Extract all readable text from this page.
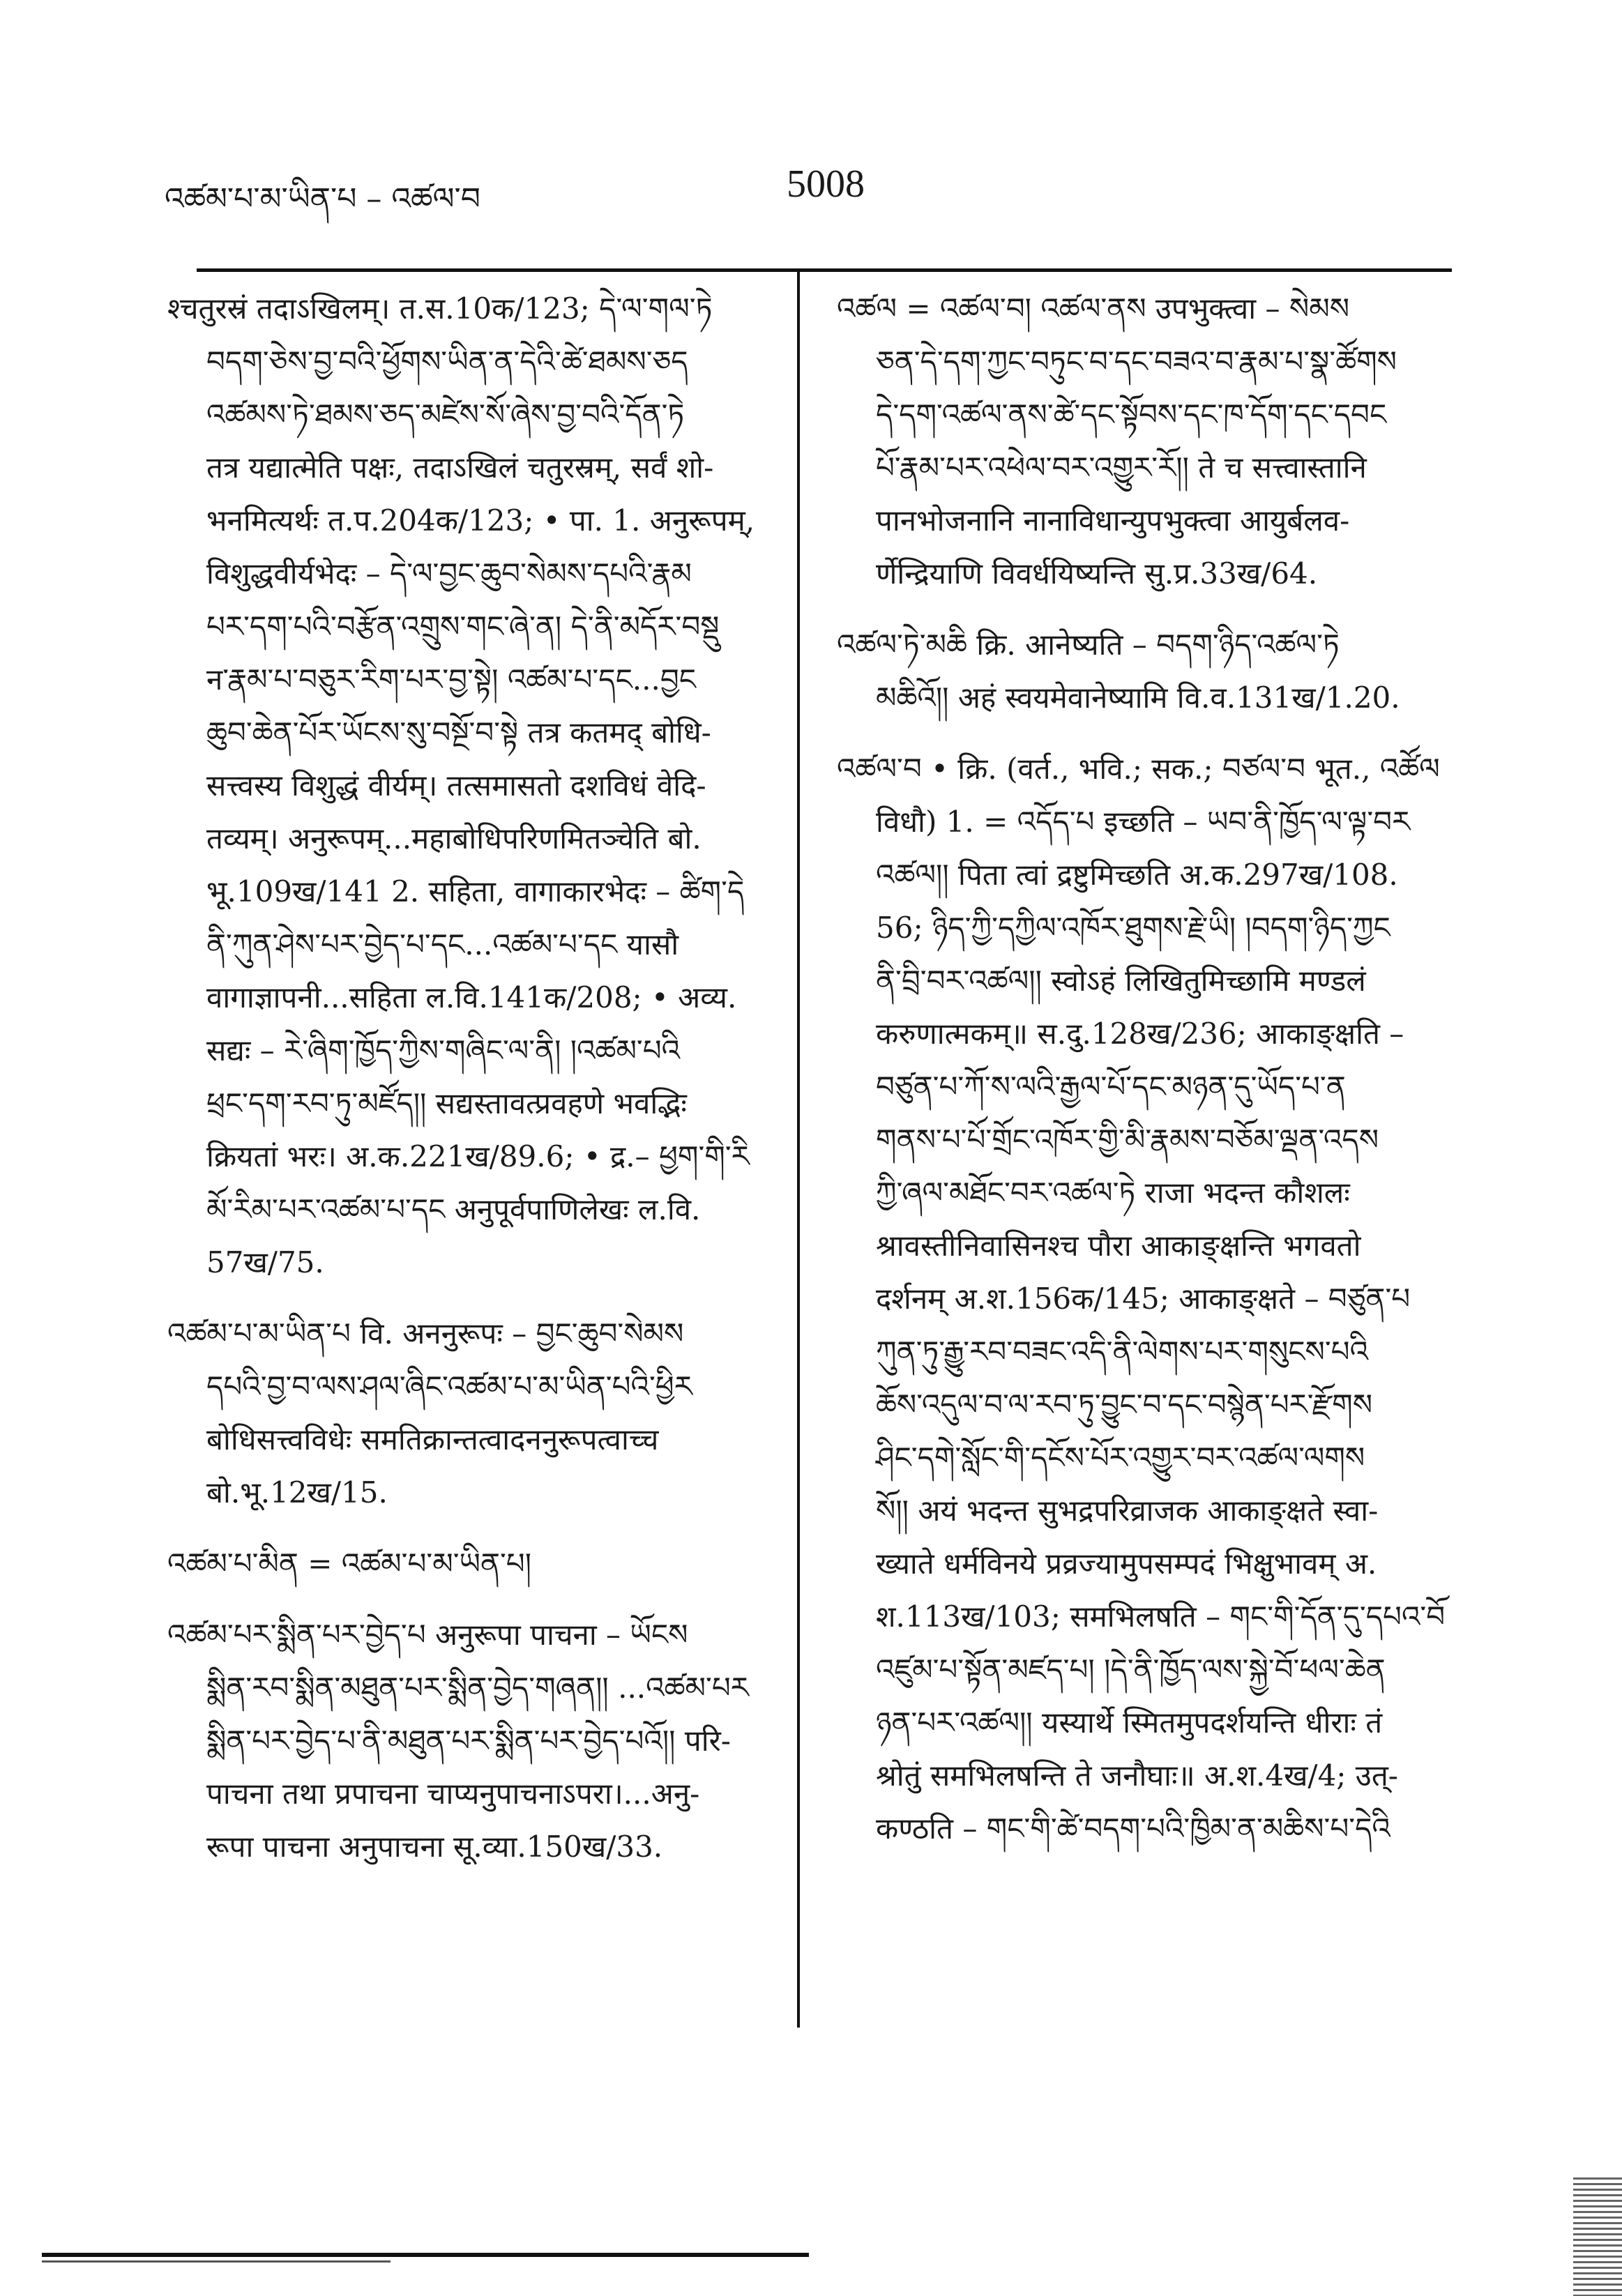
འཚམ་པ་མ་ཡིན་པ – འཚལ་བ	5008
श्चतुरस्रं तदाऽखिलम्। त.स.10क/123; དེ་ལ་གལ་ཏེ
བདག་ཅེས་བྱ་བའི་ཕྱོགས་ཡིན་ན་དེའི་ཚེ་ཐམས་ཅད
འཚམས་ཏེ་ཐམས་ཅད་མཛེས་སོ་ཞེས་བྱ་བའི་དོན་ཏེ
तत्र यद्यात्मेति पक्षः, तदाऽखिलं चतुरस्रम्, सर्वं शो-
भनमित्यर्थः त.प.204क/123; • पा. 1. अनुरूपम्,
विशुद्धवीर्यभेदः – དེ་ལ་བྱང་ཆུབ་སེམས་དཔའི་རྣམ
པར་དག་པའི་བརྩོན་འགྲུས་གང་ཞེ་ན། དེ་ནི་མདོར་བསྡུ
न་རྣམ་པ་བཅུར་རིག་པར་བྱ་སྟེ། འཚམ་པ་དང...བྱང
ཆུབ་ཆེན་པོར་ཡོངས་སུ་བསྔོ་བ་སྟེ तत्र कतमद् बोधि-
सत्त्वस्य विशुद्धं वीर्यम्। तत्समासतो दशविधं वेदि-
तव्यम्। अनुरूपम्...महाबोधिपरिणमितञ्चेति बो.
भू.109ख/141 2. सहिता, वागाकारभेदः – ཚིག་དེ
ནི་ཀུན་ཤེས་པར་བྱེད་པ་དང...འཚམ་པ་དང यासौ
वागाज्ञापनी...सहिता ल.वि.141क/208; • अव्य.
सद्यः – རེ་ཞིག་ཁྱོད་ཀྱིས་གཞིང་ལ་ནི། །འཚམ་པའི
ཕྲང་དག་རབ་ཏུ་མཛོད།། सद्यस्तावत्प्रवहणे भवद्भिः
क्रियतां भरः। अ.क.221ख/89.6; • द्र.– ཕྱག་གི་རི
མོ་རིམ་པར་འཚམ་པ་དང अनुपूर्वपाणिलेखः ल.वि.
57ख/75.
འཚམ་པ་མ་ཡིན་པ वि. अननुरूपः – བྱང་ཆུབ་སེམས
དཔའི་བྱ་བ་ལས་ཤལ་ཞིང་འཚམ་པ་མ་ཡིན་པའི་ཕྱིར
बोधिसत्त्वविधेः समतिक्रान्तत्वादननुरूपत्वाच्च
बो.भू.12ख/15.
འཚམ་པ་མིན = འཚམ་པ་མ་ཡིན་པ།
འཚམ་པར་སྨིན་པར་བྱེད་པ अनुरूपा पाचना – ཡོངས
སྨིན་རབ་སྨིན་མཐུན་པར་སྨིན་བྱེད་གཞན།། ...འཚམ་པར
སྨིན་པར་བྱེད་པ་ནི་མཐུན་པར་སྨིན་པར་བྱེད་པའོ།། परि-
पाचना तथा प्रपाचना चाप्यनुपाचनाऽपरा।...अनु-
रूपा पाचना अनुपाचना सू.व्या.150ख/33.
འཚལ = འཚལ་བ། འཚལ་ནས उपभुक्त्वा – སེམས
ཅན་དེ་དག་ཀྱང་བཏུང་བ་དང་བཟའ་བ་རྣམ་པ་སྣ་ཚོགས
དེ་དག་འཚལ་ནས་ཚེ་དང་སྟོབས་དང་ཁ་དོག་དང་དབང
པོ་རྣམ་པར་འཕེལ་བར་འགྱུར་རོ།། ते च सत्त्वास्तानि
पानभोजनानि नानाविधान्युपभुक्त्वा आयुर्बलव-
र्णेन्द्रियाणि विवर्धयिष्यन्ति सु.प्र.33ख/64.
འཚལ་ཏེ་མཆི क्रि. आनेष्यति – བདག་ཉིད་འཚལ་ཏེ
མཆིའོ།། अहं स्वयमेवानेष्यामि वि.व.131ख/1.20.
འཚལ་བ • क्रि. (वर्त., भवि.; सक.; བཙལ་བ भूत., འཚོལ
विधौ) 1. = འདོད་པ इच्छति – ཡབ་ནི་ཁྱོད་ལ་ལྟ་བར
འཚལ།། पिता त्वां द्रष्टुमिच्छति अ.क.297ख/108.
56; ཉིད་ཀྱི་དཀྱིལ་འཁོར་ཐུགས་རྗེ་ཡི། །བདག་ཉིད་ཀྱང
ནི་བྲི་བར་འཚལ།། स्वोऽहं लिखितुमिच्छामि मण्डलं
करुणात्मकम्॥ स.दु.128ख/236; आकाङ्क्षति –
བཙུན་པ་ཀོ་ས་ལའི་རྒྱལ་པོ་དང་མཉན་དུ་ཡོད་པ་ན
གནས་པ་པོ་གྲོང་འཁོར་གྱི་མི་རྣམས་བཅོམ་ལྡན་འདས
ཀྱི་ཞལ་མཐོང་བར་འཚལ་ཏེ राजा भदन्त कौशलः
श्रावस्तीनिवासिनश्च पौरा आकाङ्क्षन्ति भगवतो
दर्शनम् अ.श.156क/145; आकाङ्क्षते – བཙུན་པ
ཀུན་ཏུ་རྒྱུ་རབ་བཟང་འདི་ནི་ལེགས་པར་གསུངས་པའི
ཆོས་འདུལ་བ་ལ་རབ་ཏུ་བྱུང་བ་དང་བསྙེན་པར་རྫོགས
ཤིང་དགེ་སློང་གི་དངོས་པོར་འགྱུར་བར་འཚལ་ལགས
སོ།། अयं भदन्त सुभद्रपरिव्राजक आकाङ्क्षते स्वा-
ख्याते धर्मविनये प्रव्रज्यामुपसम्पदं भिक्षुभावम् अ.
श.113ख/103; समभिलषति – གང་གི་དོན་དུ་དཔའ་བོ
འཛུམ་པ་སྟོན་མཛད་པ། །དེ་ནི་ཁྱོད་ལས་སྐྱེ་བོ་ཕལ་ཆེན
ཉན་པར་འཚལ།། यस्यार्थे स्मितमुपदर्शयन्ति धीराः तं
श्रोतुं समभिलषन्ति ते जनौघाः॥ अ.श.4ख/4; उत्-
कण्ठति – གང་གི་ཚེ་བདག་པའི་ཁྱིམ་ན་མཆིས་པ་དེའི
